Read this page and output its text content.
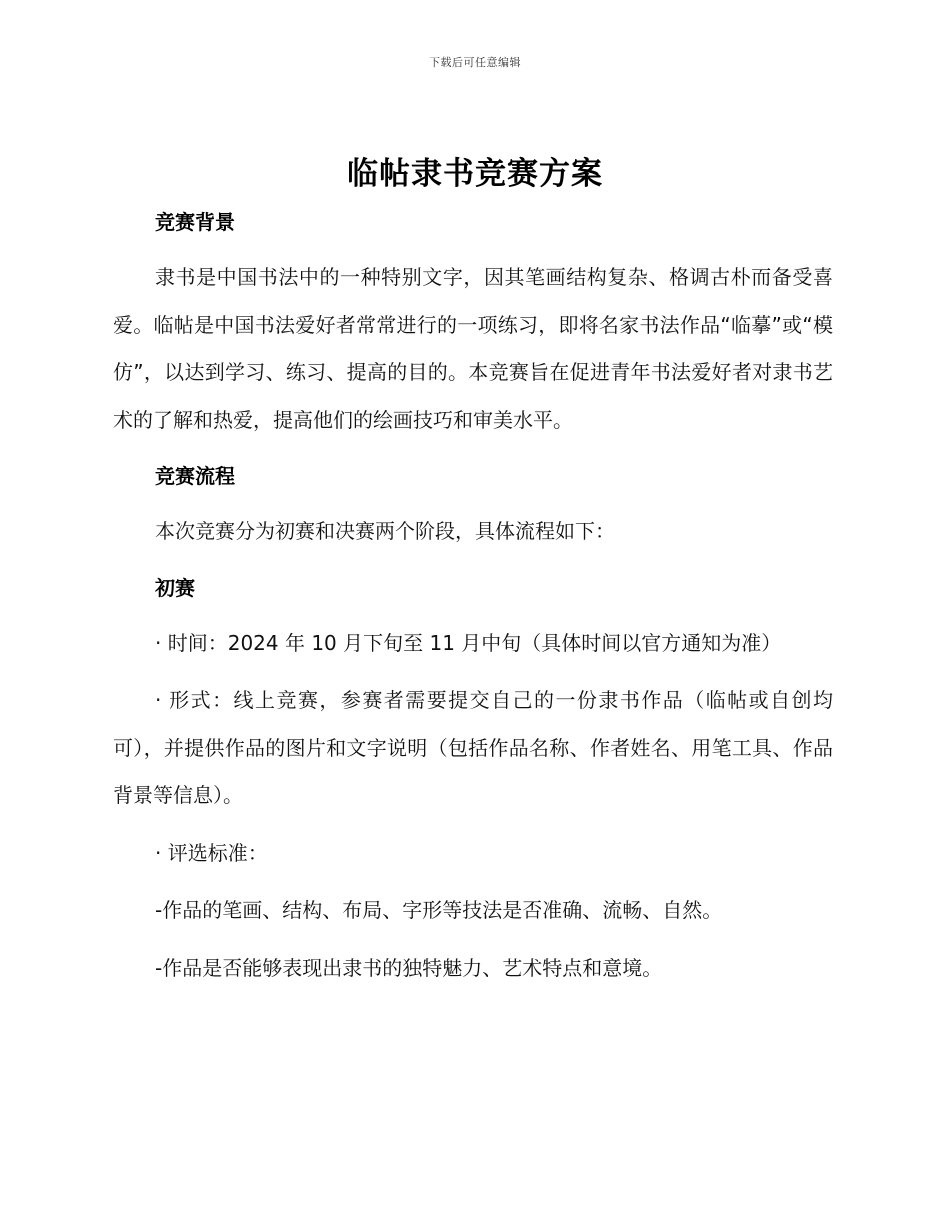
下载后可任意编辑
临帖隶书竞赛方案

竞赛背景

隶书是中国书法中的一种特别文字，因其笔画结构复杂、格调古朴而备受喜爱。临帖是中国书法爱好者常常进行的一项练习，即将名家书法作品“临摹”或“模仿”，以达到学习、练习、提高的目的。本竞赛旨在促进青年书法爱好者对隶书艺术的了解和热爱，提高他们的绘画技巧和审美水平。

竞赛流程

本次竞赛分为初赛和决赛两个阶段，具体流程如下：

初赛

· 时间：2024 年 10 月下旬至 11 月中旬（具体时间以官方通知为准）

· 形式：线上竞赛，参赛者需要提交自己的一份隶书作品（临帖或自创均可），并提供作品的图片和文字说明（包括作品名称、作者姓名、用笔工具、作品背景等信息）。

· 评选标准：

-作品的笔画、结构、布局、字形等技法是否准确、流畅、自然。

-作品是否能够表现出隶书的独特魅力、艺术特点和意境。
